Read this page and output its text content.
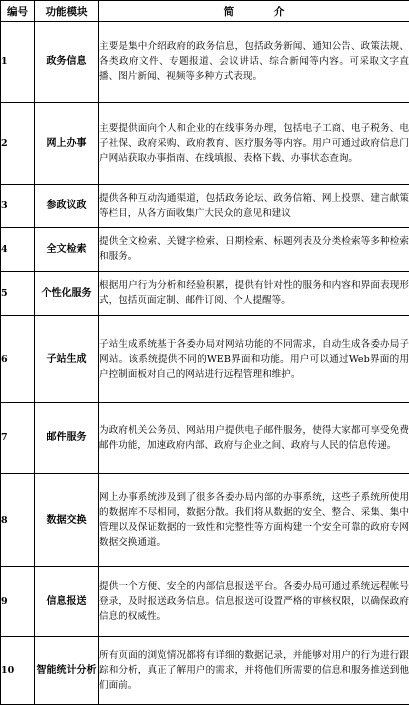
编号	功能模块	简 介
1	政务信息	主要是集中介绍政府的政务信息，包括政务新闻、通知公告、政策法规、各类政府文件、专题报道、会议讲话、综合新闻等内容。可采取文字直播、图片新闻、视频等多种方式表现。
2	网上办事	主要提供面向个人和企业的在线事务办理，包括电子工商、电子税务、电子社保、政府采购、政府教育、医疗服务等内容。用户可通过政府信息门户网站获取办事指南、在线填报、表格下载、办事状态查询。
3	参政议政	提供各种互动沟通渠道，包括政务论坛、政务信箱、网上投票、建言献策等栏目，从各方面收集广大民众的意见和建议
4	全文检索	提供全文检索、关键字检索、日期检索、标题列表及分类检索等多种检索和服务。
5	个性化服务	根据用户行为分析和经验积累，提供有针对性的服务和内容和界面表现形式，包括页面定制、邮件订阅、个人提醒等。
6	子站生成	子站生成系统基于各委办局对网站功能的不同需求，自动生成各委办局子网站。该系统提供不同的WEB界面和功能。用户可以通过Web界面的用户控制面板对自己的网站进行远程管理和维护。
7	邮件服务	为政府机关公务员、网站用户提供电子邮件服务，使得大家都可享受免费邮件功能，加速政府内部、政府与企业之间、政府与人民的信息传递。
8	数据交换	网上办事系统涉及到了很多各委办局内部的办事系统，这些子系统所使用的数据库不尽相同，数据分散。我们将从数据的安全、整合、采集、集中管理以及保证数据的一致性和完整性等方面构建一个安全可靠的政府专网数据交换通道。
9	信息报送	提供一个方便、安全的内部信息报送平台。各委办局可通过系统远程帐号登录，及时报送政务信息。信息报送可设置严格的审核权限，以确保政府信息的权威性。
10	智能统计分析	所有页面的浏览情况都将有详细的数据记录，并能够对用户的行为进行跟踪和分析，真正了解用户的需求，并将他们所需要的信息和服务推送到他们面前。
